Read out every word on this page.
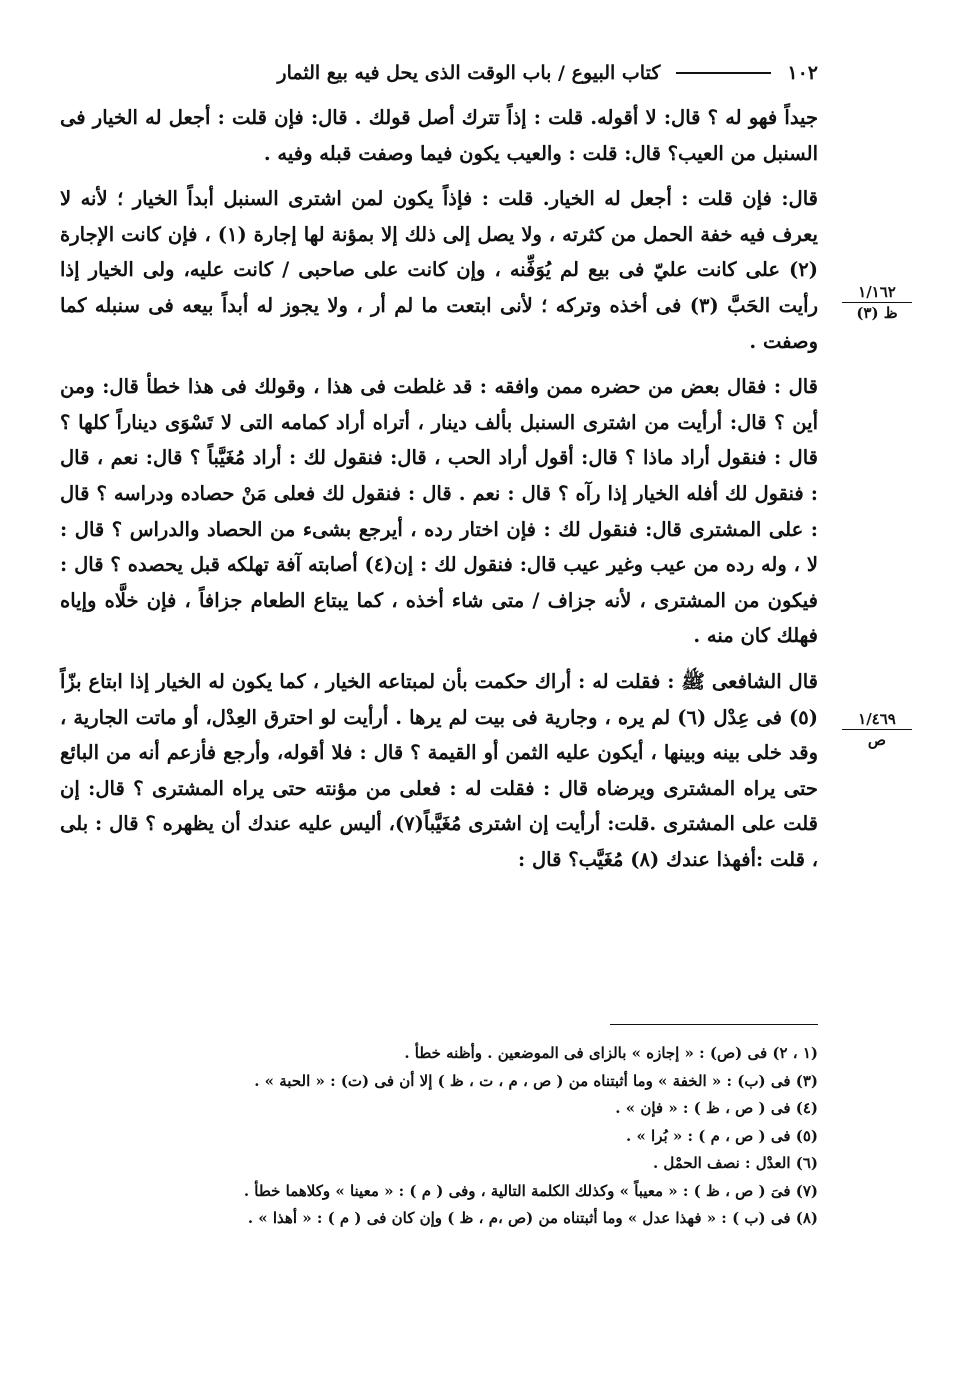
١٠٢
كتاب البيوع / باب الوقت الذى يحل فيه بيع الثمار

جيداً فهو له ؟ قال: لا أقوله. قلت : إذاً تترك أصل قولك . قال: فإن قلت : أجعل له الخيار فى السنبل من العيب؟ قال: قلت : والعيب يكون فيما وصفت قبله وفيه .

قال: فإن قلت : أجعل له الخيار. قلت : فإذاً يكون لمن اشترى السنبل أبداً الخيار ؛ لأنه لا يعرف فيه خفة الحمل من كثرته ، ولا يصل إلى ذلك إلا بمؤنة لها إجارة (١) ، فإن كانت الإجارة (٢) على كانت عليّ فى بيع لم يُوَفِّنه ، وإن كانت على صاحبى / كانت عليه، ولى الخيار إذا رأيت الحَبَّ (٣) فى أخذه وتركه ؛ لأنى ابتعت ما لم أر ، ولا يجوز له أبداً بيعه فى سنبله كما وصفت .

قال : فقال بعض من حضره ممن وافقه : قد غلطت فى هذا ، وقولك فى هذا خطأ قال: ومن أين ؟ قال: أرأيت من اشترى السنبل بألف دينار ، أتراه أراد كمامه التى لا تَسْوَى ديناراً كلها ؟ قال : فنقول أراد ماذا ؟ قال: أقول أراد الحب ، قال: فنقول لك : أراد مُغَيَّباً ؟ قال: نعم ، قال : فنقول لك أفله الخيار إذا رآه ؟ قال : نعم . قال : فنقول لك فعلى مَنْ حصاده ودراسه ؟ قال : على المشترى قال: فنقول لك : فإن اختار رده ، أيرجع بشىء من الحصاد والدراس ؟ قال : لا ، وله رده من عيب وغير عيب قال: فنقول لك : إن(٤) أصابته آفة تهلكه قبل يحصده ؟ قال : فيكون من المشترى ، لأنه جزاف / متى شاء أخذه ، كما يبتاع الطعام جزافاً ، فإن خلَّاه وإياه فهلك كان منه .

قال الشافعى ﷺ : فقلت له : أراك حكمت بأن لمبتاعه الخيار ، كما يكون له الخيار إذا ابتاع بزّاً (٥) فى عِدْل (٦) لم يره ، وجارية فى بيت لم يرها . أرأيت لو احترق العِدْل، أو ماتت الجارية ، وقد خلى بينه وبينها ، أيكون عليه الثمن أو القيمة ؟ قال : فلا أقوله، وأرجع فأزعم أنه من البائع حتى يراه المشترى ويرضاه قال : فقلت له : فعلى من مؤنته حتى يراه المشترى ؟ قال: إن قلت على المشترى .قلت: أرأيت إن اشترى مُغَيَّباً(٧)، أليس عليه عندك أن يظهره ؟ قال : بلى ، قلت :أفهذا عندك (٨) مُغَيَّب؟ قال :

١/١٦٢
ظ (٣)
١/٤٦٩
ص
(١ ، ٢) فى (ص) : « إجازه » بالزاى فى الموضعين . وأظنه خطأ .
(٣) فى (ب) : « الخفة » وما أثبتناه من ( ص ، م ، ت ، ظ ) إلا أن فى (ت) : « الحبة » .
(٤) فى ( ص ، ظ ) : « فإن » .
(٥) فى ( ص ، م ) : « بُرا » .
(٦) العدْل : نصف الحمْل .
(٧) فىَ ( ص ، ظ ) : « معيباً » وكذلك الكلمة التالية ، وفى ( م ) : « معينا » وكلاهما خطأ .
(٨) فى (ب ) : « فهذا عدل » وما أثبتناه من (ص ،م ، ظ ) وإن كان فى ( م ) : « أهذا » .
